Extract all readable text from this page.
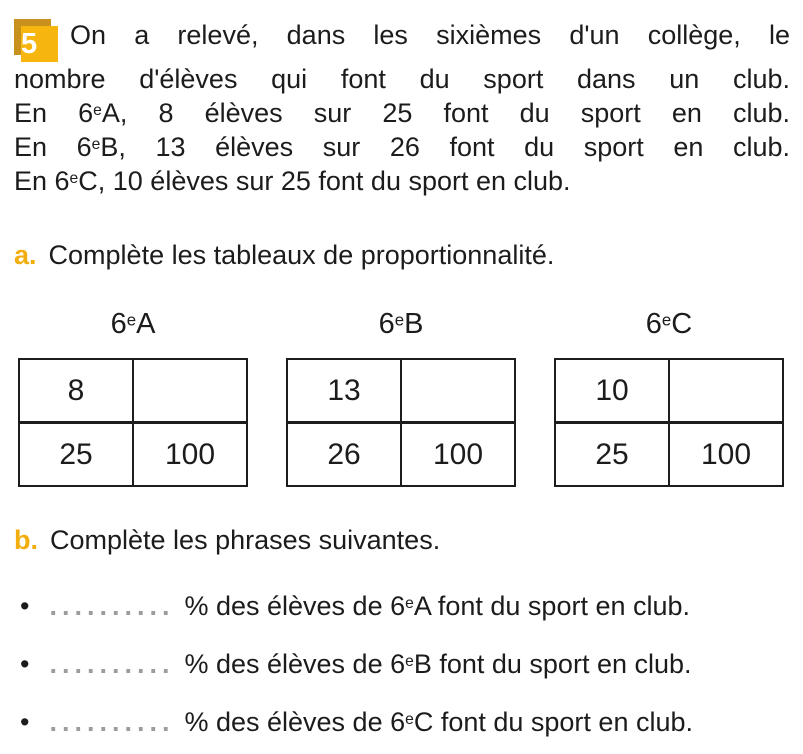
5	On a relevé, dans les sixièmes d'un collège, le
nombre d'élèves qui font du sport dans un club.
En 6eA, 8 élèves sur 25 font du sport en club.
En 6eB, 13 élèves sur 26 font du sport en club.
En 6eC, 10 élèves sur 25 font du sport en club.
a. Complète les tableaux de proportionnalité.
6eA
8	
25	100
6eB
13	
26	100
6eC
10	
25	100
b. Complète les phrases suivantes.
• .......... % des élèves de 6eA font du sport en club.
• .......... % des élèves de 6eB font du sport en club.
• .......... % des élèves de 6eC font du sport en club.
